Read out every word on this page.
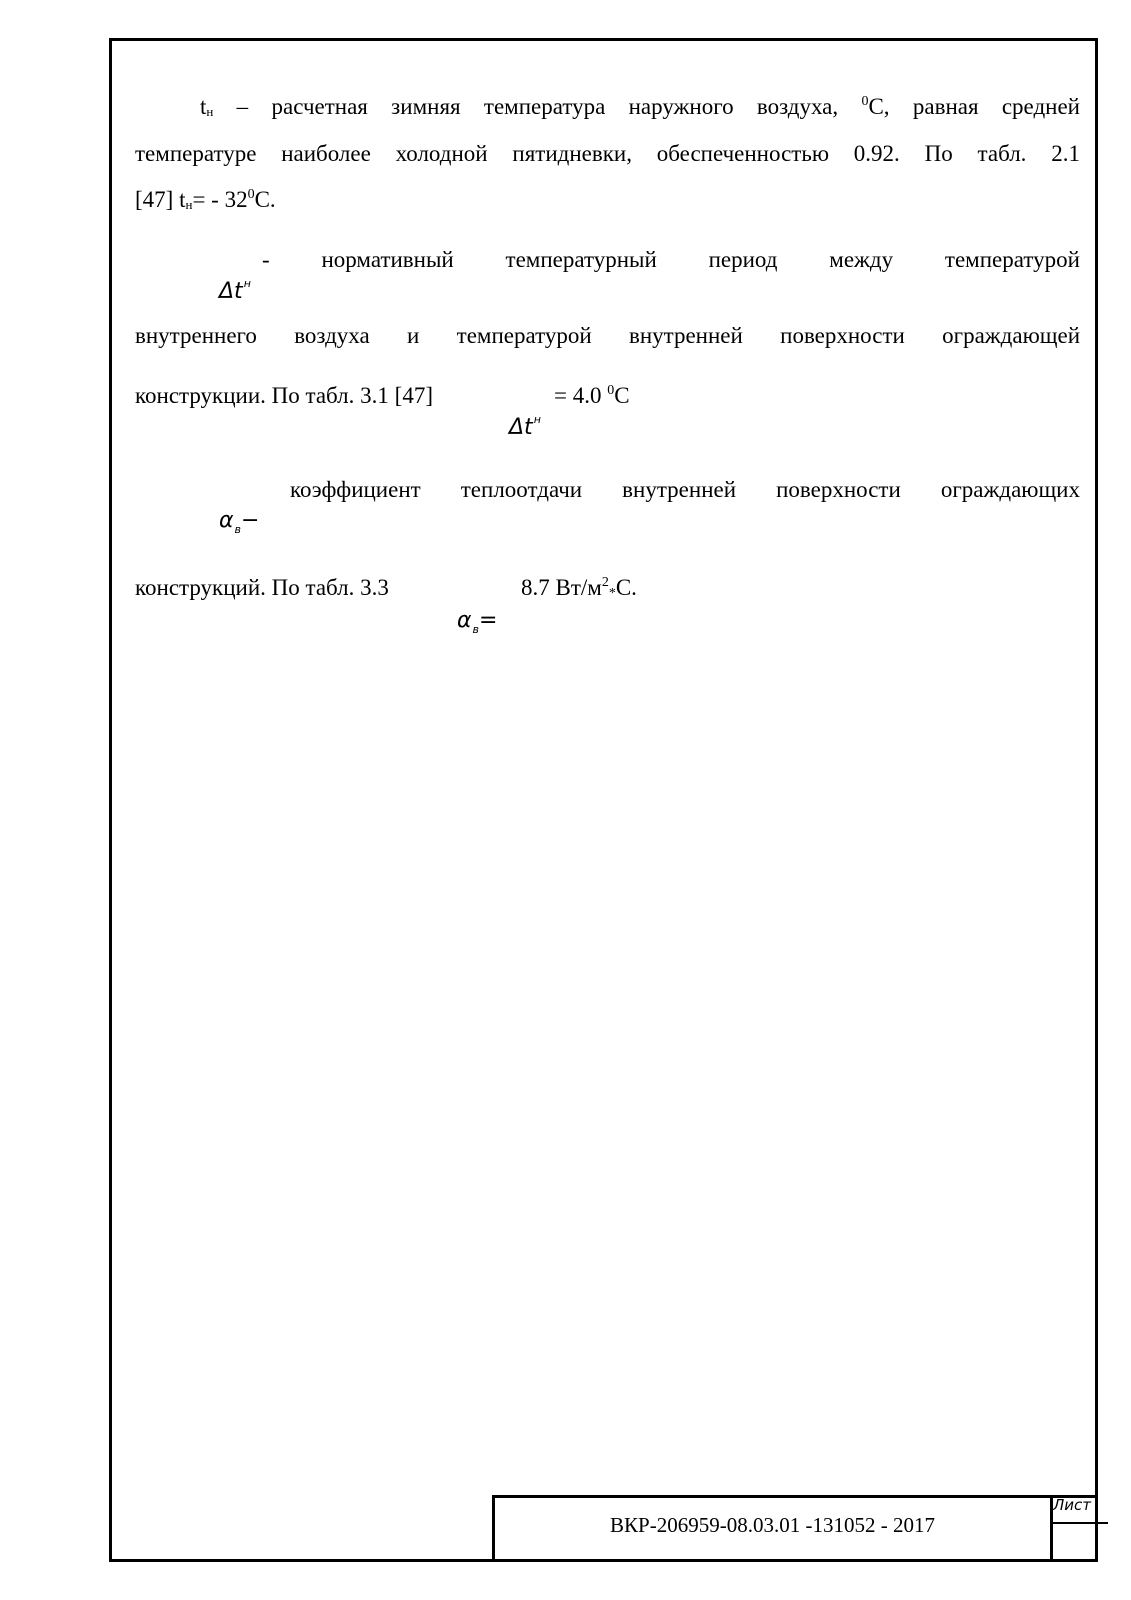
$t_н$ – расчетная зимняя температура наружного воздуха, $^0$С, равная средней
температуре наиболее холодной пятидневки, обеспеченностью 0.92. По табл. 2.1
[47] $t_н= - 32^0С$.
$\Delta t^н$
- нормативный температурный период между температурой
внутреннего воздуха и температурой внутренней поверхности ограждающей
конструкции. По табл. 3.1 [47]
$\Delta t^н$
= 4.0 $^0$С
$\alpha_в-$
коэффициент теплоотдачи внутренней поверхности ограждающих
конструкций. По табл. 3.3
$\alpha_в=$
8.7 $Вт/м^2_*С$.
Лист
ВКР-206959-08.03.01 -131052 - 2017
